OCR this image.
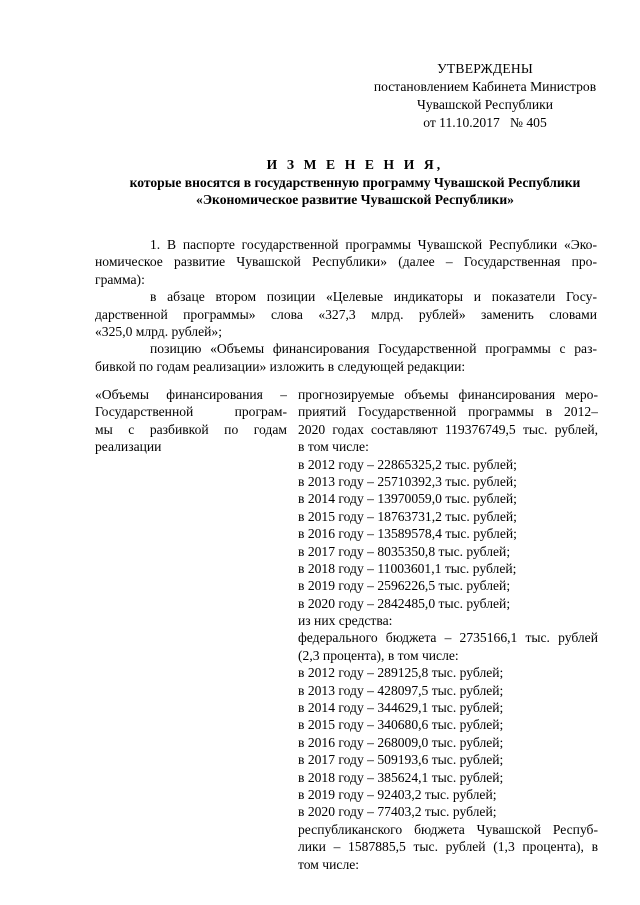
УТВЕРЖДЕНЫ
постановлением Кабинета Министров
Чувашской Республики
от 11.10.2017   № 405
И З М Е Н Е Н И Я,
которые вносятся в государственную программу Чувашской Республики
«Экономическое развитие Чувашской Республики»
1. В паспорте государственной программы Чувашской Республики «Эко-
номическое развитие Чувашской Республики» (далее – Государственная про-
грамма):
в абзаце втором позиции «Целевые индикаторы и показатели Госу-
дарственной программы» слова «327,3 млрд. рублей» заменить словами
«325,0 млрд. рублей»;
позицию «Объемы финансирования Государственной программы с раз-
бивкой по годам реализации» изложить в следующей редакции:
«Объемы финансирования –
Государственной програм-
мы с разбивкой по годам
реализации
прогнозируемые объемы финансирования меро-
приятий Государственной программы в 2012–
2020 годах составляют 119376749,5 тыс. рублей,
в том числе:
в 2012 году – 22865325,2 тыс. рублей;
в 2013 году – 25710392,3 тыс. рублей;
в 2014 году – 13970059,0 тыс. рублей;
в 2015 году – 18763731,2 тыс. рублей;
в 2016 году – 13589578,4 тыс. рублей;
в 2017 году – 8035350,8 тыс. рублей;
в 2018 году – 11003601,1 тыс. рублей;
в 2019 году – 2596226,5 тыс. рублей;
в 2020 году – 2842485,0 тыс. рублей;
из них средства:
федерального бюджета – 2735166,1 тыс. рублей
(2,3 процента), в том числе:
в 2012 году – 289125,8 тыс. рублей;
в 2013 году – 428097,5 тыс. рублей;
в 2014 году – 344629,1 тыс. рублей;
в 2015 году – 340680,6 тыс. рублей;
в 2016 году – 268009,0 тыс. рублей;
в 2017 году – 509193,6 тыс. рублей;
в 2018 году – 385624,1 тыс. рублей;
в 2019 году – 92403,2 тыс. рублей;
в 2020 году – 77403,2 тыс. рублей;
республиканского бюджета Чувашской Респуб-
лики – 1587885,5 тыс. рублей (1,3 процента), в
том числе:
